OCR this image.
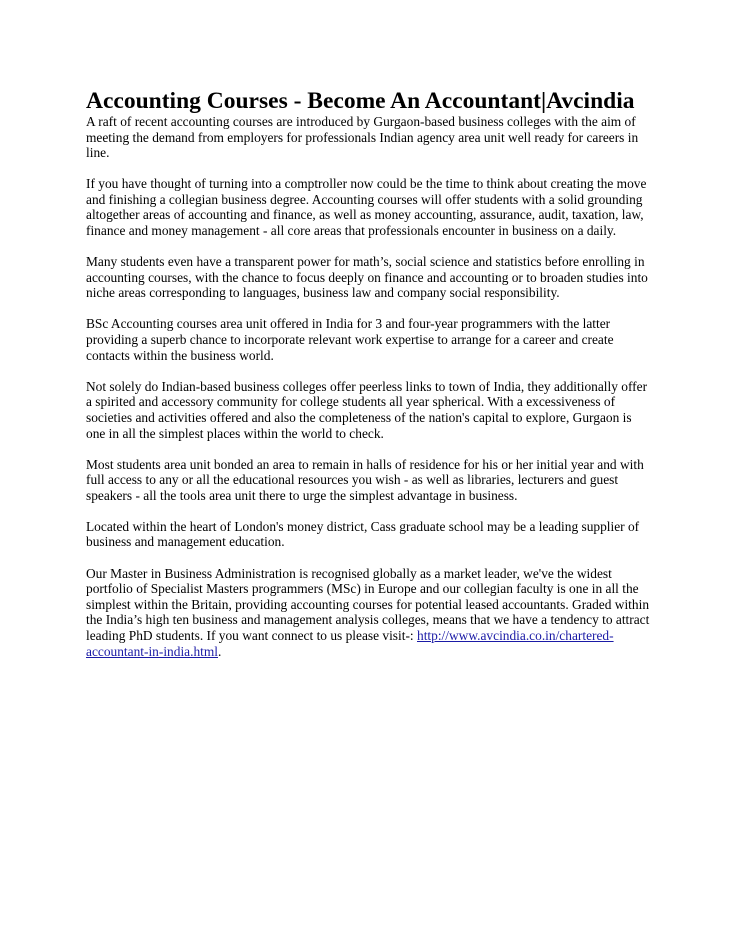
Accounting Courses - Become An Accountant|Avcindia

A raft of recent accounting courses are introduced by Gurgaon-based business colleges with the aim of meeting the demand from employers for professionals Indian agency area unit well ready for careers in line.

If you have thought of turning into a comptroller now could be the time to think about creating the move and finishing a collegian business degree. Accounting courses will offer students with a solid grounding altogether areas of accounting and finance, as well as money accounting, assurance, audit, taxation, law, finance and money management - all core areas that professionals encounter in business on a daily.

Many students even have a transparent power for math’s, social science and statistics before enrolling in accounting courses, with the chance to focus deeply on finance and accounting or to broaden studies into niche areas corresponding to languages, business law and company social responsibility.

BSc Accounting courses area unit offered in India for 3 and four-year programmers with the latter providing a superb chance to incorporate relevant work expertise to arrange for a career and create contacts within the business world.

Not solely do Indian-based business colleges offer peerless links to town of India, they additionally offer a spirited and accessory community for college students all year spherical. With a excessiveness of societies and activities offered and also the completeness of the nation's capital to explore, Gurgaon is one in all the simplest places within the world to check.

Most students area unit bonded an area to remain in halls of residence for his or her initial year and with full access to any or all the educational resources you wish - as well as libraries, lecturers and guest speakers - all the tools area unit there to urge the simplest advantage in business.

Located within the heart of London's money district, Cass graduate school may be a leading supplier of business and management education.

Our Master in Business Administration is recognised globally as a market leader, we've the widest portfolio of Specialist Masters programmers (MSc) in Europe and our collegian faculty is one in all the simplest within the Britain, providing accounting courses for potential leased accountants. Graded within the India’s high ten business and management analysis colleges, means that we have a tendency to attract leading PhD students. If you want connect to us please visit-: http://www.avcindia.co.in/chartered-accountant-in-india.html.
